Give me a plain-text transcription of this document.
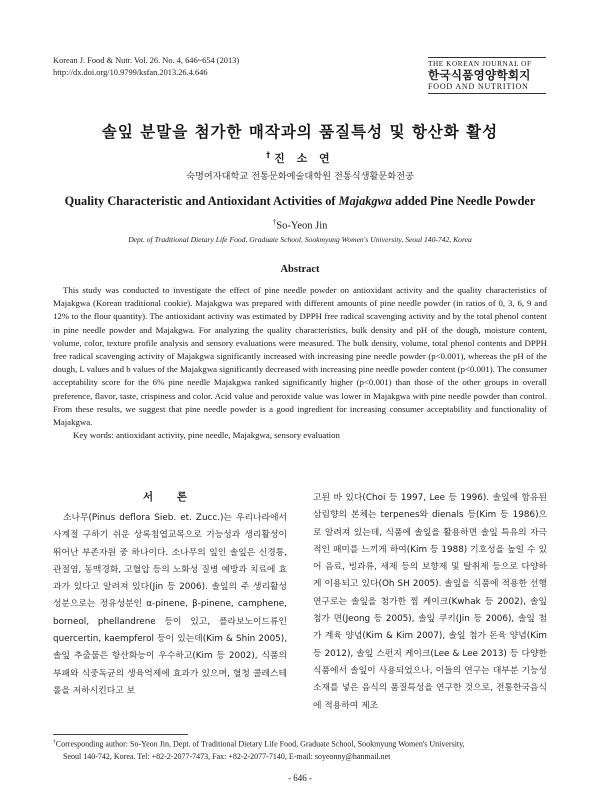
Korean J. Food & Nutr. Vol. 26. No. 4, 646~654 (2013)
http://dx.doi.org/10.9799/ksfan.2013.26.4.646
THE KOREAN JOURNAL OF
한국식품영양학회지
FOOD AND NUTRITION
솔잎 분말을 첨가한 매작과의 품질특성 및 항산화 활성
†진 소 연
숙명여자대학교 전통문화예술대학원 전통식생활문화전공
Quality Characteristic and Antioxidant Activities of Majakgwa added Pine Needle Powder
†So-Yeon Jin
Dept. of Traditional Dietary Life Food, Graduate School, Sookmyung Women's University, Seoul 140-742, Korea
Abstract

This study was conducted to investigate the effect of pine needle powder on antioxidant activity and the quality characteristics of Majakgwa (Korean traditional cookie). Majakgwa was prepared with different amounts of pine needle powder (in ratios of 0, 3, 6, 9 and 12% to the flour quantity). The antioxidant activity was estimated by DPPH free radical scavenging activity and by the total phenol content in pine needle powder and Majakgwa. For analyzing the quality characteristics, bulk density and pH of the dough, moisture content, volume, color, texture profile analysis and sensory evaluations were measured. The bulk density, volume, total phenol contents and DPPH free radical scavenging activity of Majakgwa significantly increased with increasing pine needle powder (p<0.001), whereas the pH of the dough, L values and b values of the Majakgwa significantly decreased with increasing pine needle powder content (p<0.001). The consumer acceptability score for the 6% pine needle Majakgwa ranked significantly higher (p<0.001) than those of the other groups in overall preference, flavor, taste, crispiness and color. Acid value and peroxide value was lower in Majakgwa with pine needle powder than control. From these results, we suggest that pine needle powder is a good ingredient for increasing consumer acceptability and functionality of Majakgwa.

Key words: antioxidant activity, pine needle, Majakgwa, sensory evaluation

서 론

소나무(Pinus deflora Sieb. et. Zucc.)는 우리나라에서 사계절 구하기 쉬운 상록침엽교목으로 기능성과 생리활성이 뛰어난 부존자원 중 하나이다. 소나무의 잎인 솔잎은 신경통, 관절염, 동맥경화, 고혈압 등의 노화성 질병 예방과 치료에 효과가 있다고 알려져 있다(Jin 등 2006). 솔잎의 주 생리활성 성분으로는 정유성분인 α-pinene, β-pinene, camphene, borneol, phellandrene 등이 있고, 플라보노이드류인 quercertin, kaempferol 등이 있는데(Kim & Shin 2005), 솔잎 추출물은 항산화능이 우수하고(Kim 등 2002), 식품의 부패와 식중독균의 생육억제에 효과가 있으며, 혈청 콜레스테롤을 저하시킨다고 보

고된 바 있다(Choi 등 1997, Lee 등 1996). 솔잎에 함유된 삼림향의 본체는 terpenes와 dienals 등(Kim 등 1986)으로 알려져 있는데, 식품에 솔잎을 활용하면 솔잎 특유의 자극적인 패미를 느끼게 하여(Kim 등 1988) 기호성을 높일 수 있어 음료, 빙과류, 세제 등의 보향제 및 탈취제 등으로 다양하게 이용되고 있다(Oh SH 2005). 솔잎을 식품에 적용한 선행 연구로는 솔잎을 첨가한 찜 케이크(Kwhak 등 2002), 솔잎 첨가 면(Jeong 등 2005), 솔잎 쿠키(Jin 등 2006), 솔잎 첨가 계육 양념(Kim & Kim 2007), 솔잎 첨가 돈육 양념(Kim 등 2012), 솔잎 스펀지 케이크(Lee & Lee 2013) 등 다양한 식품에서 솔잎이 사용되었으나, 이들의 연구는 대부분 기능성 소재를 넣은 음식의 품질특성을 연구한 것으로, 전통한국음식에 적용하여 제조

†Corresponding author: So-Yeon Jin, Dept. of Traditional Dietary Life Food, Graduate School, Sookmyung Women's University,
Seoul 140-742, Korea. Tel: +82-2-2077-7473, Fax: +82-2-2077-7140, E-mail: soyeonny@hanmail.net
- 646 -
